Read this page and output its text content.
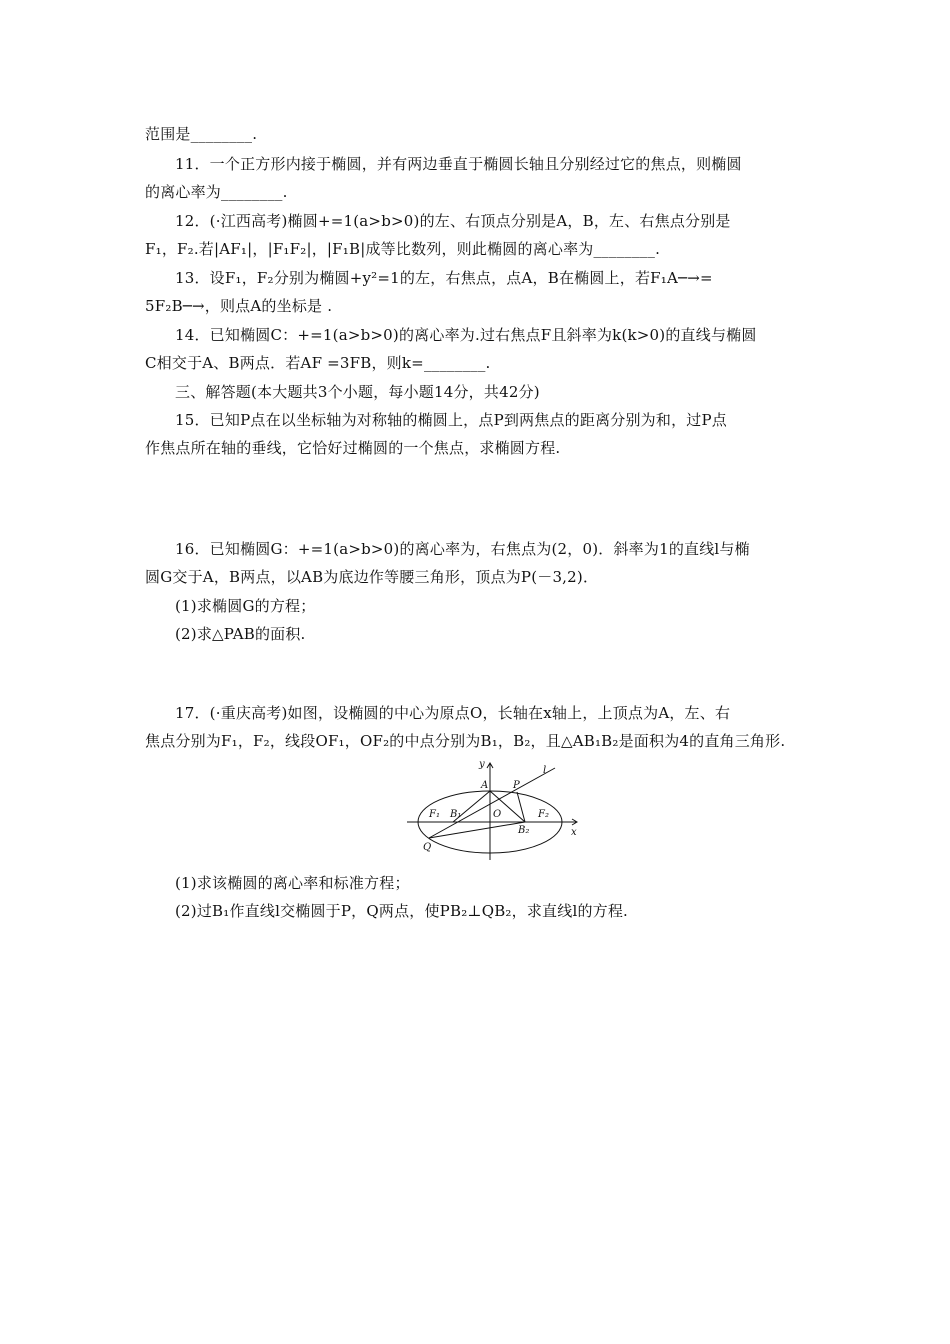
范围是________.
11．一个正方形内接于椭圆，并有两边垂直于椭圆长轴且分别经过它的焦点，则椭圆
的离心率为________.
12．(·江西高考)椭圆+=1(a>b>0)的左、右顶点分别是A，B，左、右焦点分别是
F₁，F₂.若|AF₁|，|F₁F₂|，|F₁B|成等比数列，则此椭圆的离心率为________.
13．设F₁，F₂分别为椭圆+y²=1的左，右焦点，点A，B在椭圆上，若F₁A─→=
5F₂B─→，则点A的坐标是 .
14．已知椭圆C：+=1(a>b>0)的离心率为.过右焦点F且斜率为k(k>0)的直线与椭圆
C相交于A、B两点．若AF =3FB，则k=________.
三、解答题(本大题共3个小题，每小题14分，共42分)
15．已知P点在以坐标轴为对称轴的椭圆上，点P到两焦点的距离分别为和，过P点
作焦点所在轴的垂线，它恰好过椭圆的一个焦点，求椭圆方程.
16．已知椭圆G：+=1(a>b>0)的离心率为，右焦点为(2，0)．斜率为1的直线l与椭
圆G交于A，B两点，以AB为底边作等腰三角形，顶点为P(－3,2)．
(1)求椭圆G的方程；
(2)求△PAB的面积.
17．(·重庆高考)如图，设椭圆的中心为原点O，长轴在x轴上，上顶点为A，左、右
焦点分别为F₁，F₂，线段OF₁，OF₂的中点分别为B₁，B₂，且△AB₁B₂是面积为4的直角三角形.
y
x
A P
l
F₁ B₁	O	F₂
B₂
Q
(1)求该椭圆的离心率和标准方程；
(2)过B₁作直线l交椭圆于P，Q两点，使PB₂⊥QB₂，求直线l的方程.
